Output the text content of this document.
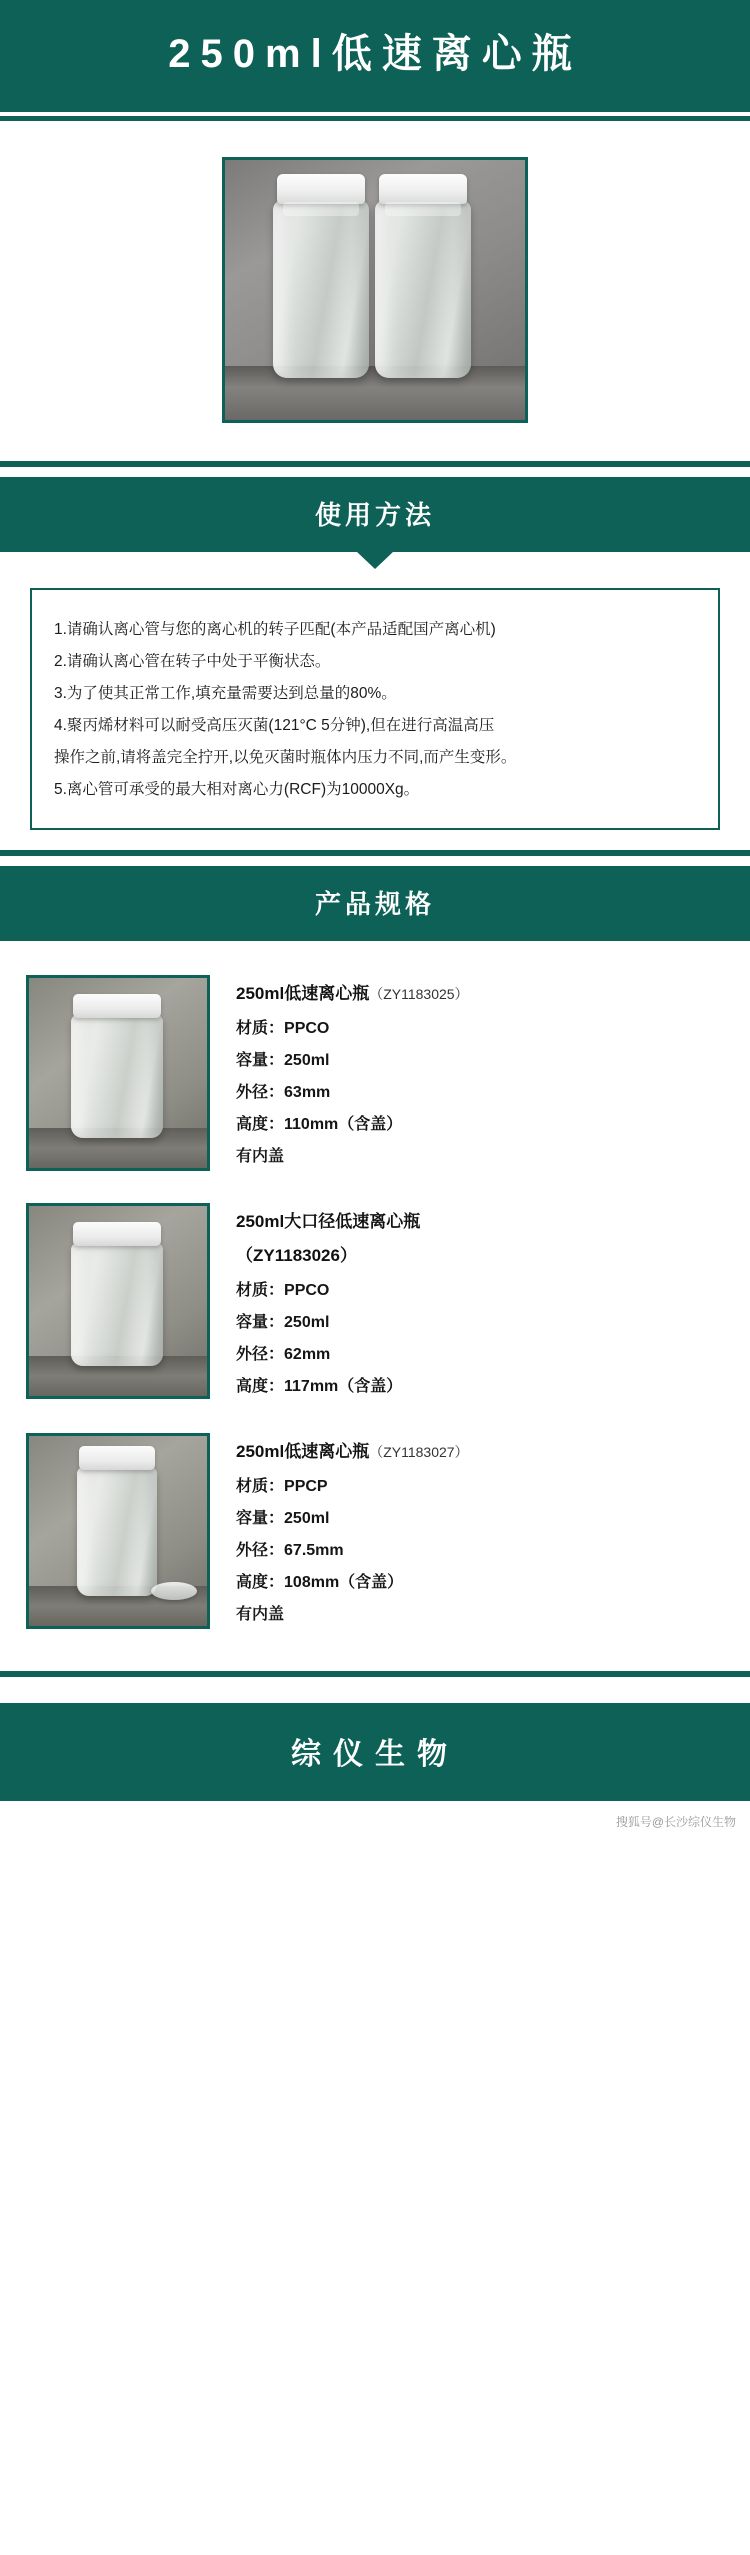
250ml低速离心瓶
使用方法
1.请确认离心管与您的离心机的转子匹配(本产品适配国产离心机)
2.请确认离心管在转子中处于平衡状态。
3.为了使其正常工作,填充量需要达到总量的80%。
4.聚丙烯材料可以耐受高压灭菌(121°C 5分钟),但在进行高温高压
操作之前,请将盖完全拧开,以免灭菌时瓶体内压力不同,而产生变形。
5.离心管可承受的最大相对离心力(RCF)为10000Xg。
产品规格
250ml低速离心瓶（ZY1183025）
材质：PPCO
容量：250ml
外径：63mm
高度：110mm（含盖）
有内盖
250ml大口径低速离心瓶
（ZY1183026）
材质：PPCO
容量：250ml
外径：62mm
高度：117mm（含盖）
250ml低速离心瓶（ZY1183027）
材质：PPCP
容量：250ml
外径：67.5mm
高度：108mm（含盖）
有内盖
综仪生物
搜狐号@长沙综仪生物
